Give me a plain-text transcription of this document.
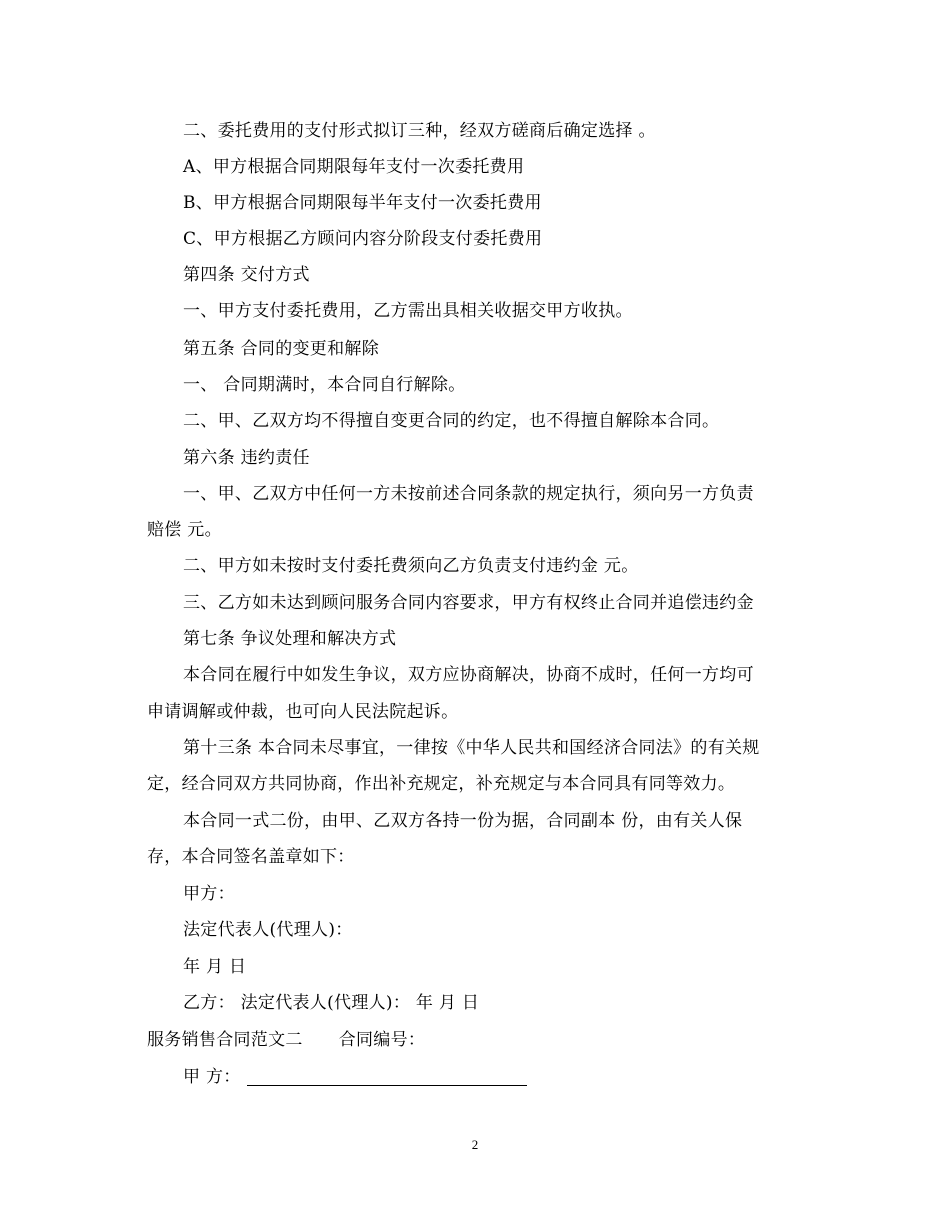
二、委托费用的支付形式拟订三种，经双方磋商后确定选择 。
A、甲方根据合同期限每年支付一次委托费用
B、甲方根据合同期限每半年支付一次委托费用
C、甲方根据乙方顾问内容分阶段支付委托费用
第四条 交付方式
一、甲方支付委托费用，乙方需出具相关收据交甲方收执。
第五条 合同的变更和解除
一、 合同期满时，本合同自行解除。
二、甲、乙双方均不得擅自变更合同的约定，也不得擅自解除本合同。
第六条 违约责任
一、甲、乙双方中任何一方未按前述合同条款的规定执行，须向另一方负责
赔偿 元。
二、甲方如未按时支付委托费须向乙方负责支付违约金 元。
三、乙方如未达到顾问服务合同内容要求，甲方有权终止合同并追偿违约金
第七条 争议处理和解决方式
本合同在履行中如发生争议，双方应协商解决，协商不成时，任何一方均可
申请调解或仲裁，也可向人民法院起诉。
第十三条 本合同未尽事宜，一律按《中华人民共和国经济合同法》的有关规
定，经合同双方共同协商，作出补充规定，补充规定与本合同具有同等效力。
本合同一式二份，由甲、乙双方各持一份为据，合同副本 份，由有关人保
存，本合同签名盖章如下：
甲方：
法定代表人(代理人)：
年 月 日
乙方： 法定代表人(代理人)： 年 月 日
服务销售合同范文二 合同编号：
甲 方：
2
